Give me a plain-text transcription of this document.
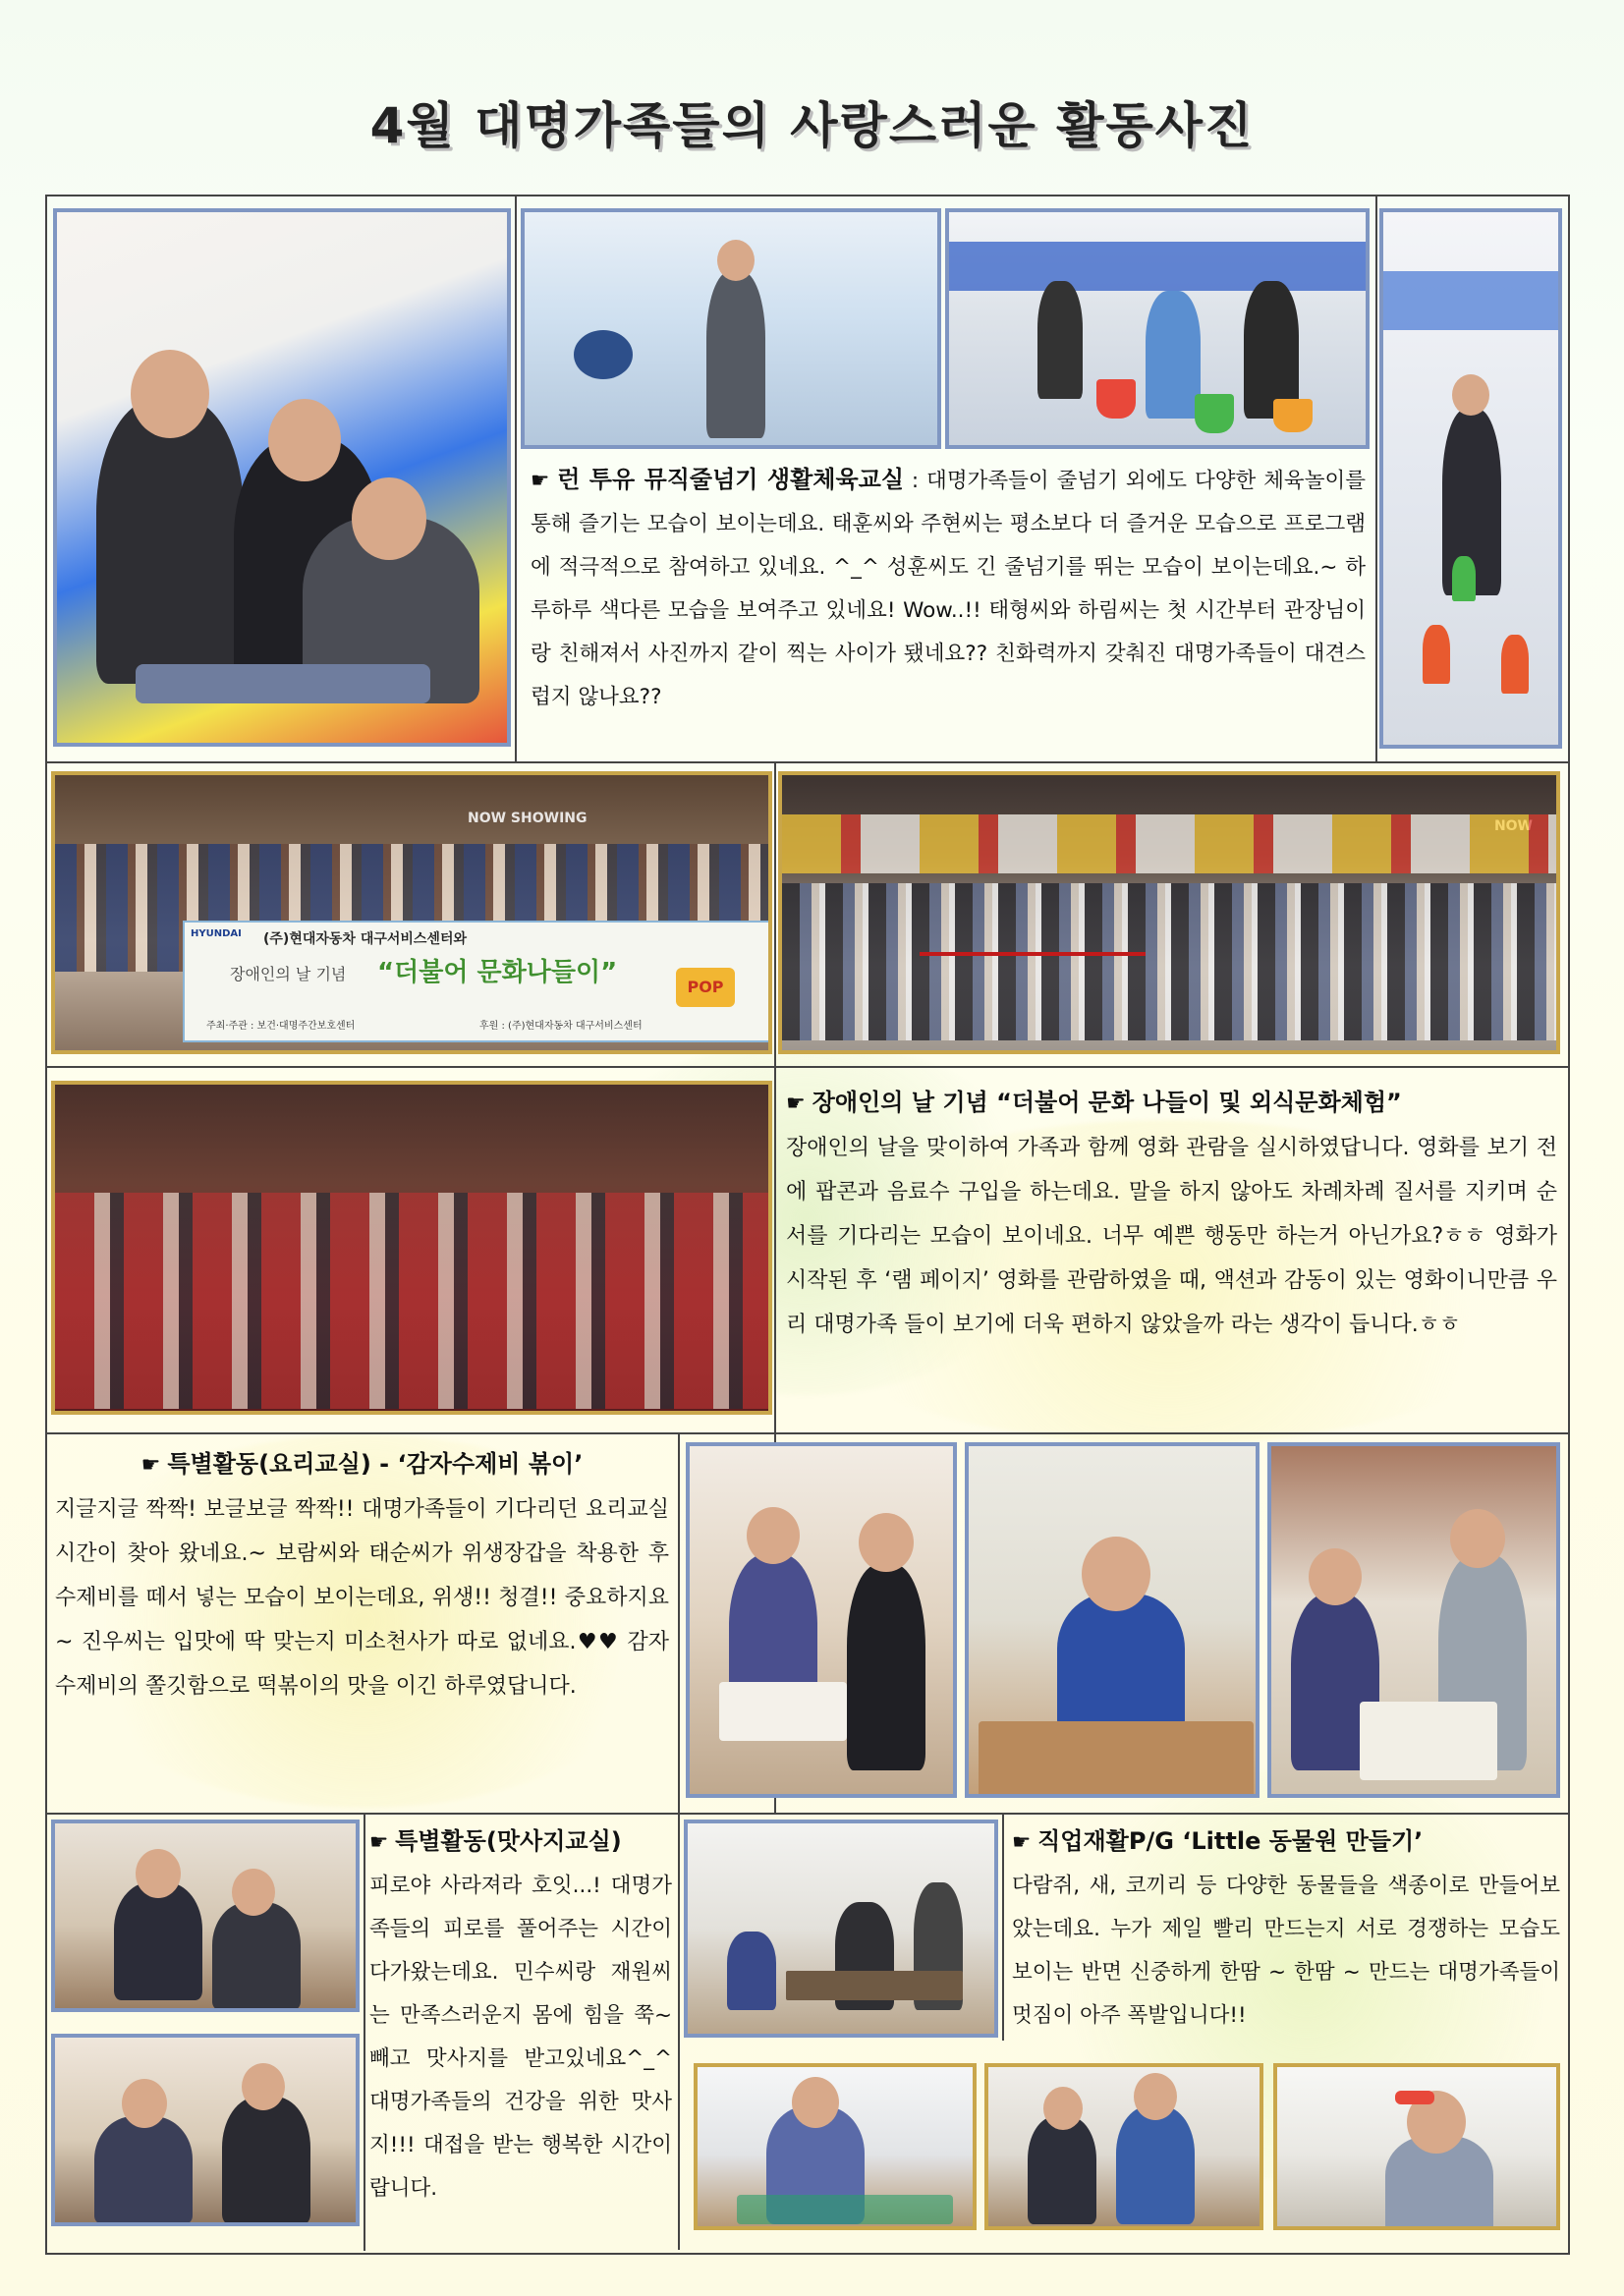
4월 대명가족들의 사랑스러운 활동사진
☛ 런 투유 뮤직줄넘기 생활체육교실 : 대명가족들이 줄넘기 외에도 다양한 체육놀이를 통해 즐기는 모습이 보이는데요. 태훈씨와 주현씨는 평소보다 더 즐거운 모습으로 프로그램에 적극적으로 참여하고 있네요. ^_^ 성훈씨도 긴 줄넘기를 뛰는 모습이 보이는데요.~ 하루하루 색다른 모습을 보여주고 있네요! Wow..!! 태형씨와 하림씨는 첫 시간부터 관장님이랑 친해져서 사진까지 같이 찍는 사이가 됐네요?? 친화력까지 갖춰진 대명가족들이 대견스럽지 않나요??
NOW SHOWING
HYUNDAI (주)현대자동차 대구서비스센터와
장애인의 날 기념 “더불어 문화나들이”
주최·주관 : 보건·대명주간보호센터	후원 : (주)현대자동차 대구서비스센터
POP
☛ 장애인의 날 기념 “더불어 문화 나들이 및 외식문화체험”
장애인의 날을 맞이하여 가족과 함께 영화 관람을 실시하였답니다. 영화를 보기 전에 팝콘과 음료수 구입을 하는데요. 말을 하지 않아도 차례차례 질서를 지키며 순서를 기다리는 모습이 보이네요. 너무 예쁜 행동만 하는거 아닌가요?ㅎㅎ 영화가 시작된 후 ‘램 페이지’ 영화를 관람하였을 때, 액션과 감동이 있는 영화이니만큼 우리 대명가족 들이 보기에 더욱 편하지 않았을까 라는 생각이 듭니다.ㅎㅎ
☛ 특별활동(요리교실) - ‘감자수제비 볶이’
지글지글 짝짝! 보글보글 짝짝!! 대명가족들이 기다리던 요리교실시간이 찾아 왔네요.~ 보람씨와 태순씨가 위생장갑을 착용한 후 수제비를 떼서 넣는 모습이 보이는데요, 위생!! 청결!! 중요하지요~ 진우씨는 입맛에 딱 맞는지 미소천사가 따로 없네요.♥♥ 감자수제비의 쫄깃함으로 떡볶이의 맛을 이긴 하루였답니다.
☛ 특별활동(맛사지교실)
피로야 사라져라 호잇...! 대명가족들의 피로를 풀어주는 시간이 다가왔는데요. 민수씨랑 재원씨는 만족스러운지 몸에 힘을 쭉~ 빼고 맛사지를 받고있네요^_^ 대명가족들의 건강을 위한 맛사지!!! 대접을 받는 행복한 시간이랍니다.
☛ 직업재활P/G ‘Little 동물원 만들기’
다람쥐, 새, 코끼리 등 다양한 동물들을 색종이로 만들어보았는데요. 누가 제일 빨리 만드는지 서로 경쟁하는 모습도 보이는 반면 신중하게 한땀 ~ 한땀 ~ 만드는 대명가족들이 멋짐이 아주 폭발입니다!!
